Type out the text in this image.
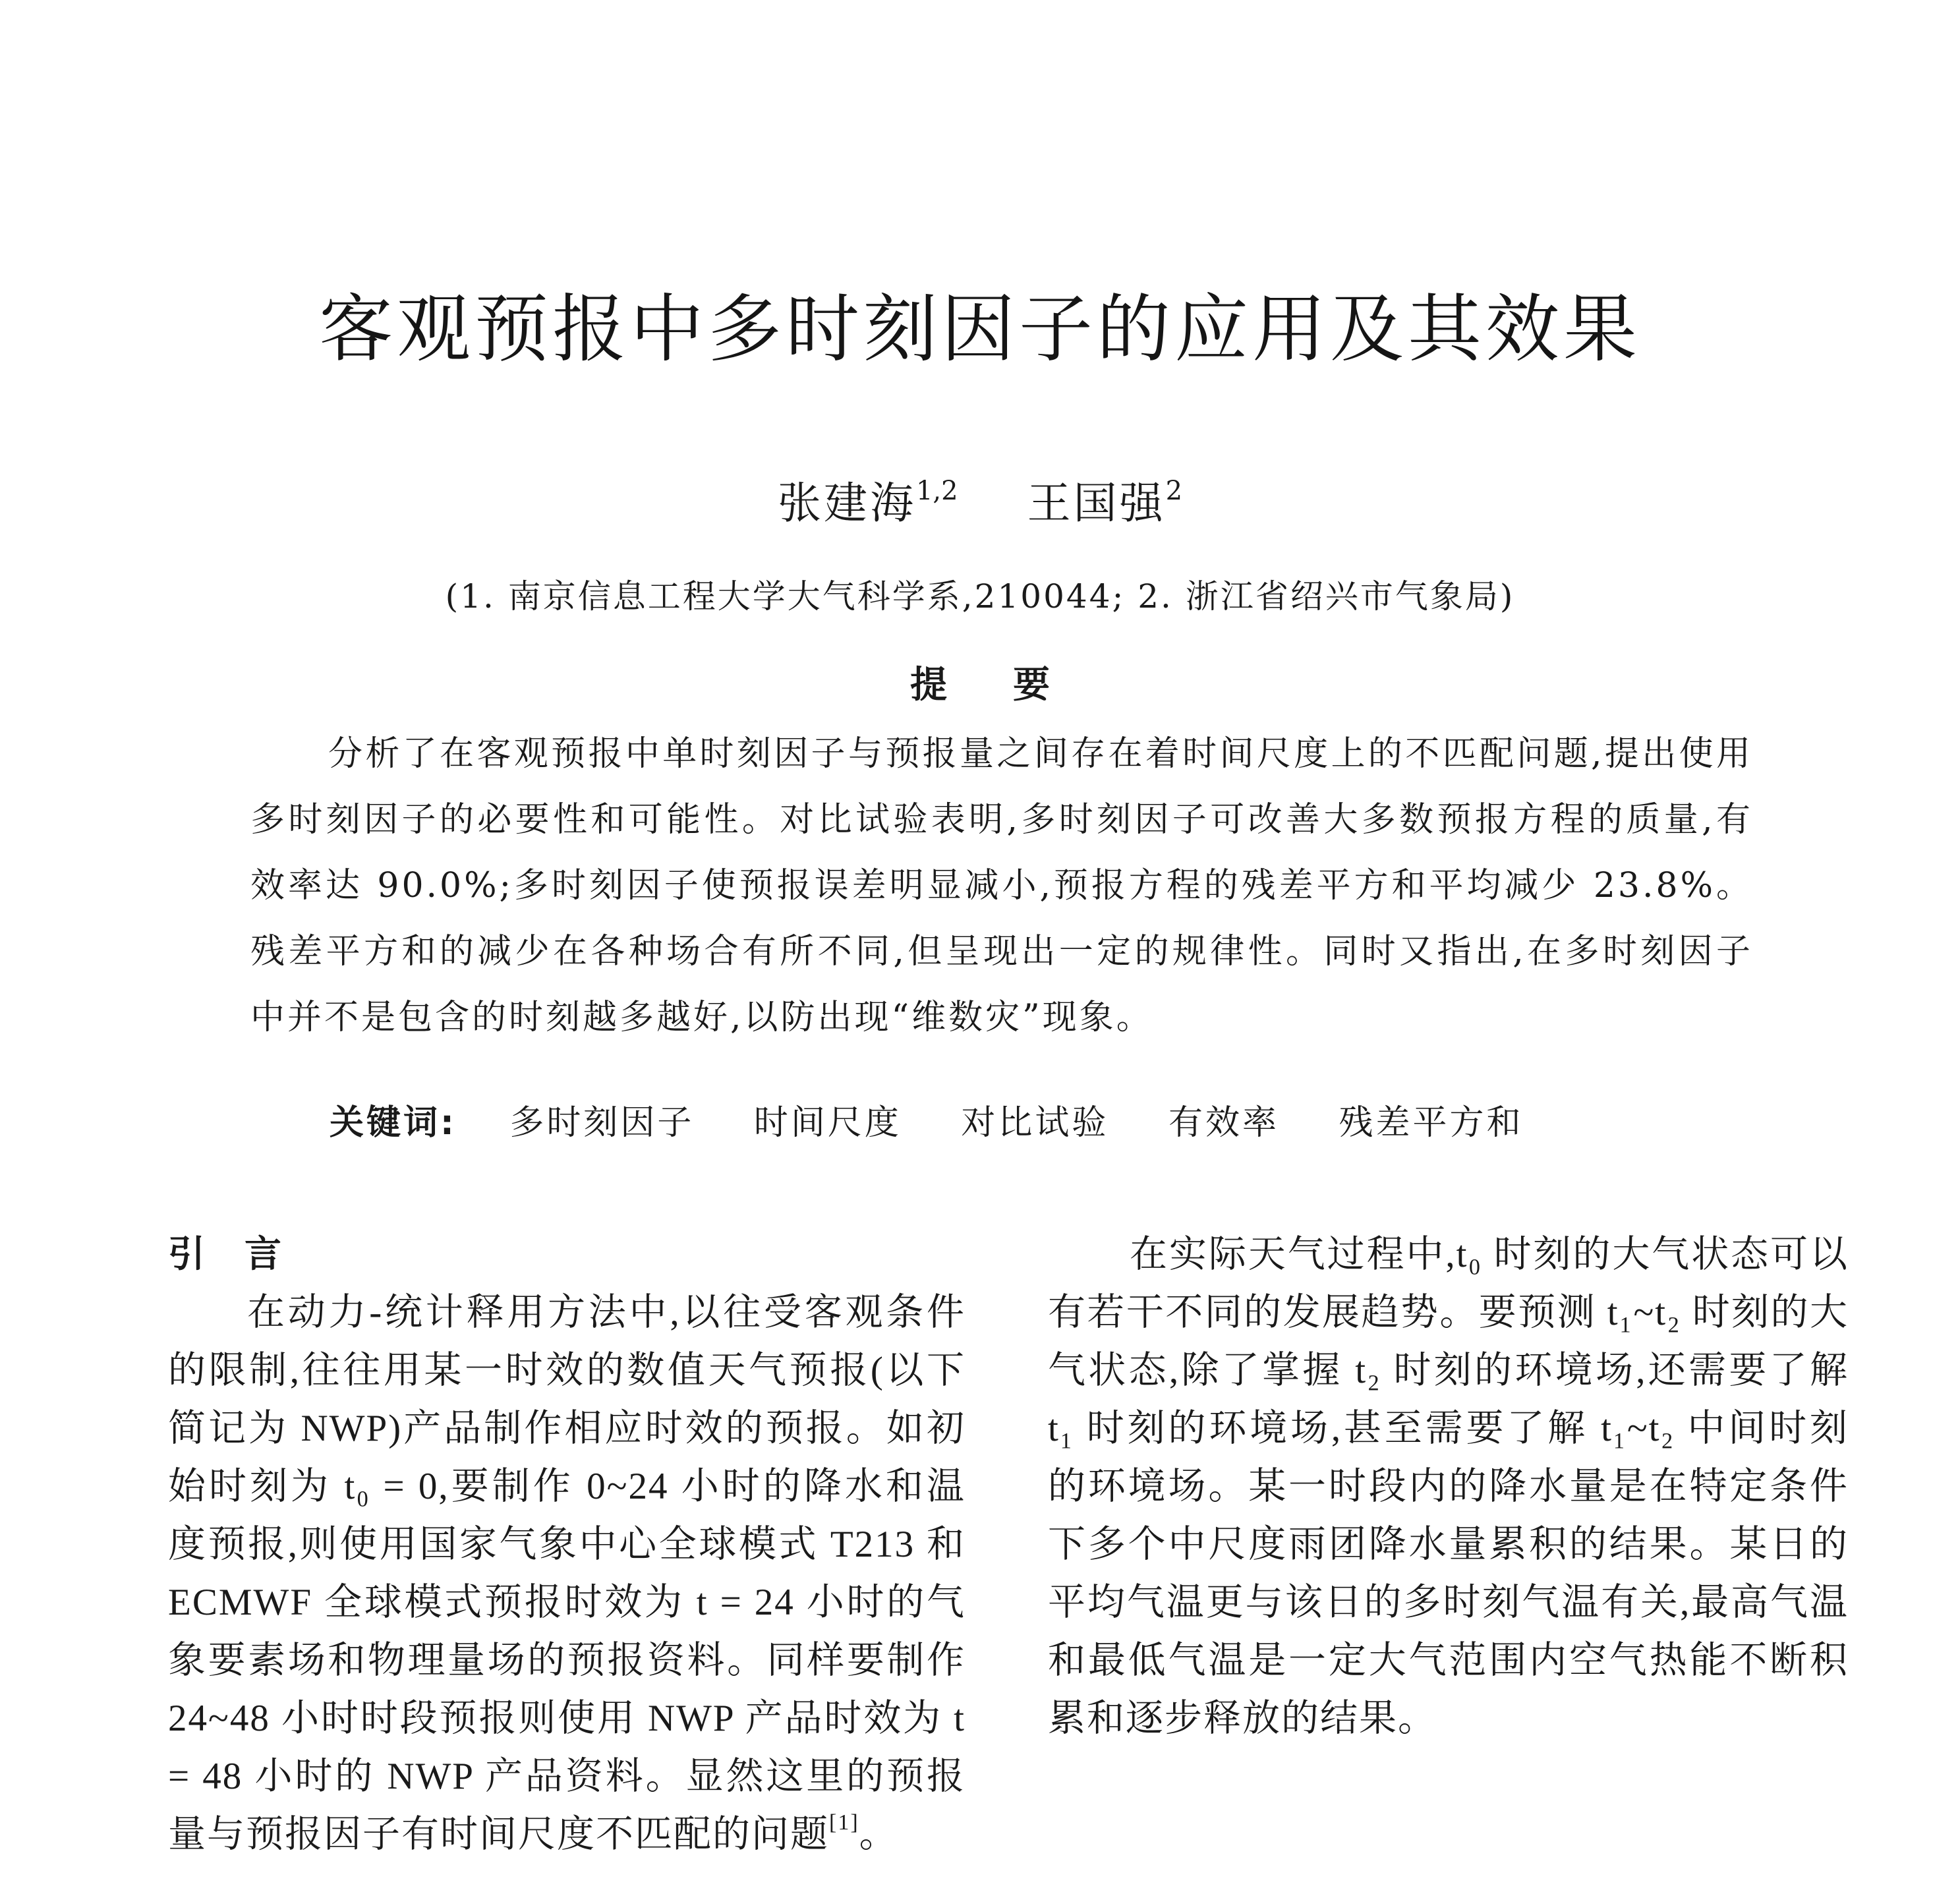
客观预报中多时刻因子的应用及其效果
张建海$^{1,2}$ 王国强$^2$
(1. 南京信息工程大学大气科学系,210044; 2. 浙江省绍兴市气象局)
提要

分析了在客观预报中单时刻因子与预报量之间存在着时间尺度上的不匹配问题,提出使用多时刻因子的必要性和可能性。对比试验表明,多时刻因子可改善大多数预报方程的质量,有效率达 90.0%;多时刻因子使预报误差明显减小,预报方程的残差平方和平均减少 23.8%。残差平方和的减少在各种场合有所不同,但呈现出一定的规律性。同时又指出,在多时刻因子中并不是包含的时刻越多越好,以防出现“维数灾”现象。

关键词: 多时刻因子 时间尺度 对比试验 有效率 残差平方和
引言

在动力-统计释用方法中,以往受客观条件的限制,往往用某一时效的数值天气预报(以下简记为 NWP)产品制作相应时效的预报。如初始时刻为 t₀ = 0,要制作 0~24 小时的降水和温度预报,则使用国家气象中心全球模式 T213 和 ECMWF 全球模式预报时效为 t = 24 小时的气象要素场和物理量场的预报资料。同样要制作 24~48 小时时段预报则使用 NWP 产品时效为 t = 48 小时的 NWP 产品资料。显然这里的预报量与预报因子有时间尺度不匹配的问题[1]。

在实际天气过程中,t₀ 时刻的大气状态可以有若干不同的发展趋势。要预测 t₁~t₂ 时刻的大气状态,除了掌握 t₂ 时刻的环境场,还需要了解 t₁ 时刻的环境场,甚至需要了解 t₁~t₂ 中间时刻的环境场。某一时段内的降水量是在特定条件下多个中尺度雨团降水量累积的结果。某日的平均气温更与该日的多时刻气温有关,最高气温和最低气温是一定大气范围内空气热能不断积累和逐步释放的结果。
